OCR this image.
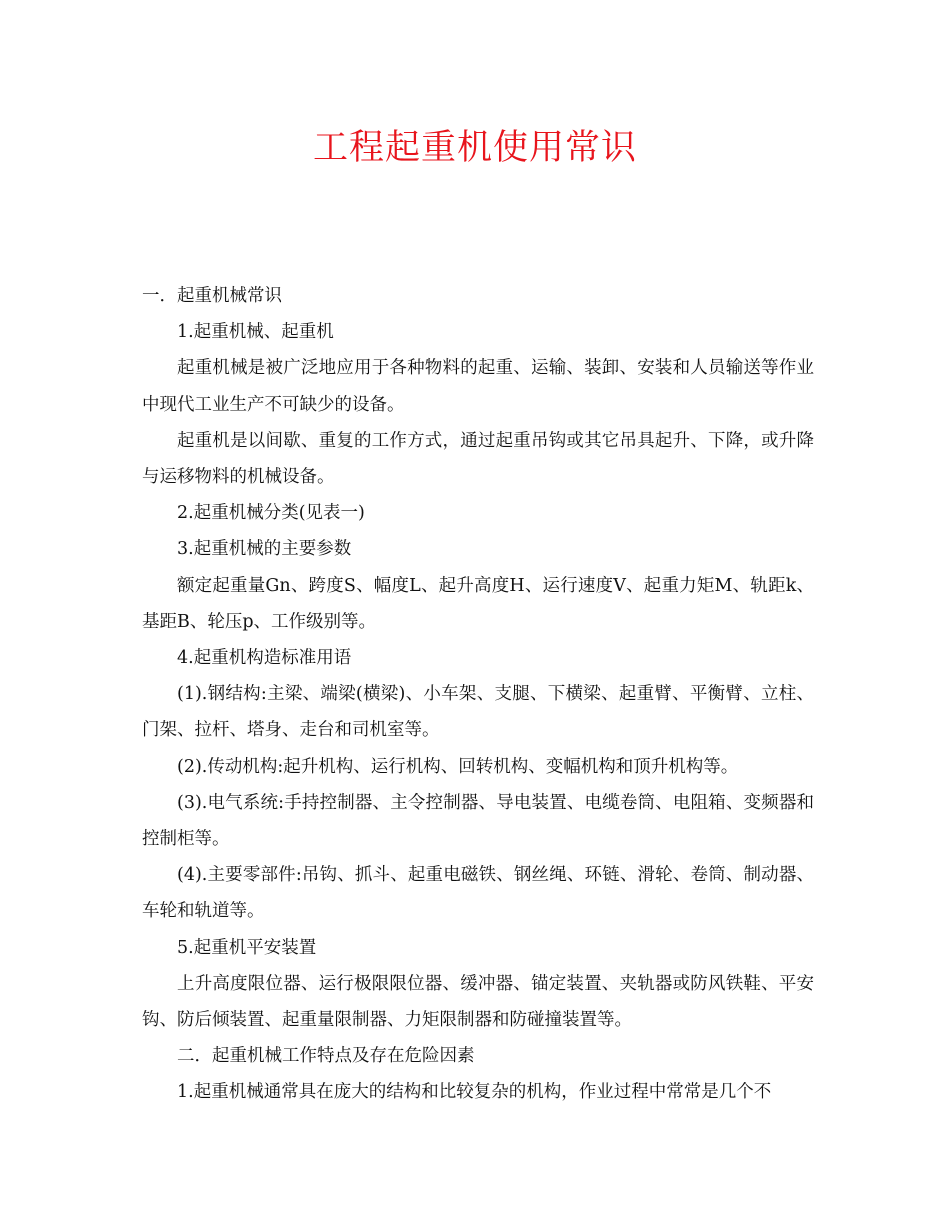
工程起重机使用常识

一．起重机械常识

1.起重机械、起重机

起重机械是被广泛地应用于各种物料的起重、运输、装卸、安装和人员输送等作业中现代工业生产不可缺少的设备。

起重机是以间歇、重复的工作方式，通过起重吊钩或其它吊具起升、下降，或升降与运移物料的机械设备。

2.起重机械分类(见表一)

3.起重机械的主要参数

额定起重量Gn、跨度S、幅度L、起升高度H、运行速度V、起重力矩M、轨距k、基距B、轮压p、工作级别等。

4.起重机构造标准用语

(1).钢结构:主梁、端梁(横梁)、小车架、支腿、下横梁、起重臂、平衡臂、立柱、门架、拉杆、塔身、走台和司机室等。

(2).传动机构:起升机构、运行机构、回转机构、变幅机构和顶升机构等。

(3).电气系统:手持控制器、主令控制器、导电装置、电缆卷筒、电阻箱、变频器和控制柜等。

(4).主要零部件:吊钩、抓斗、起重电磁铁、钢丝绳、环链、滑轮、卷筒、制动器、车轮和轨道等。

5.起重机平安装置

上升高度限位器、运行极限限位器、缓冲器、锚定装置、夹轨器或防风铁鞋、平安钩、防后倾装置、起重量限制器、力矩限制器和防碰撞装置等。

二．起重机械工作特点及存在危险因素

1.起重机械通常具在庞大的结构和比较复杂的机构，作业过程中常常是几个不
